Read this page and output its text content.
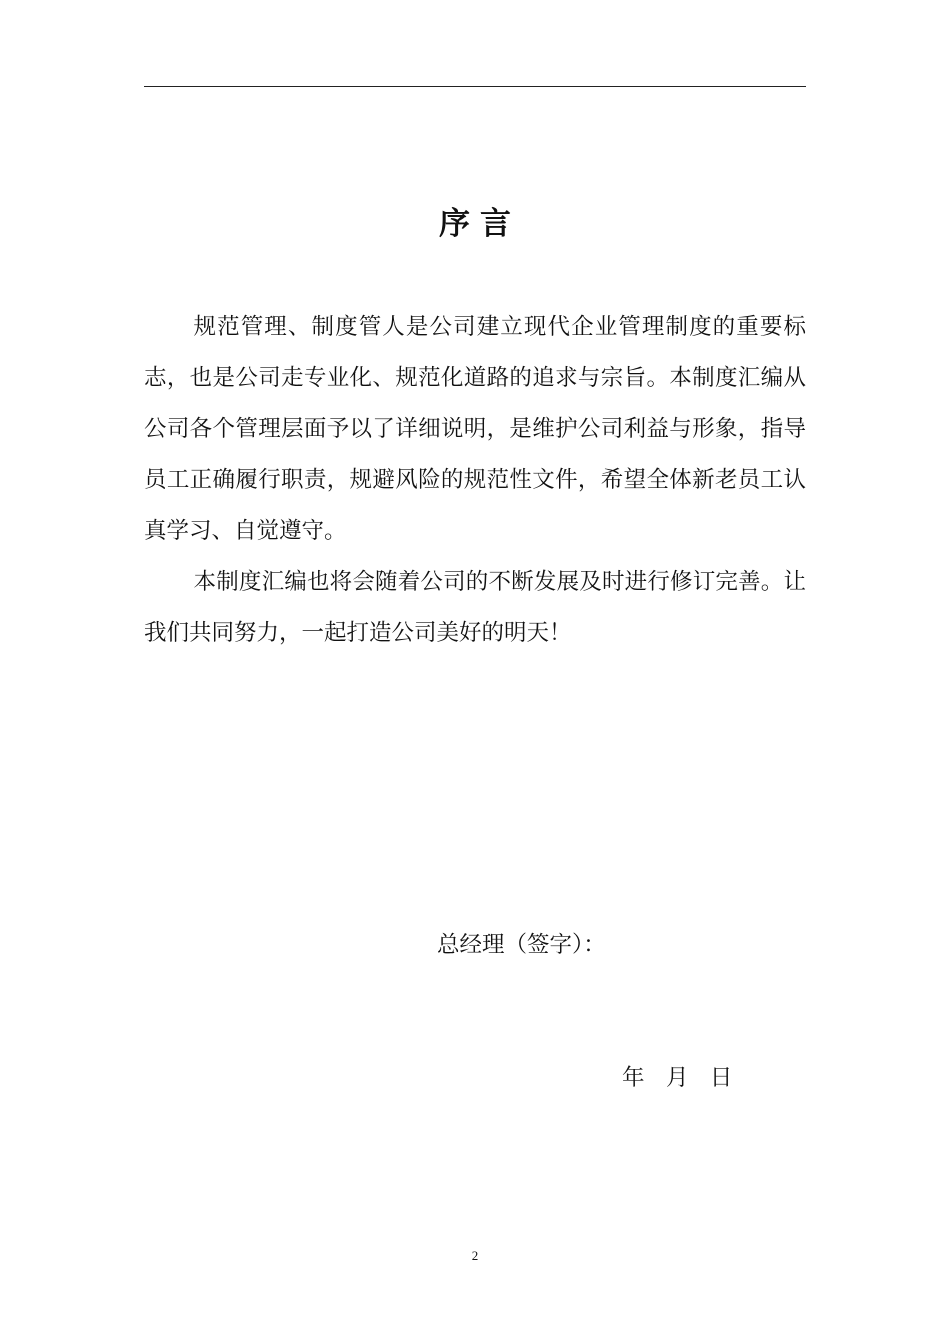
序言

规范管理、制度管人是公司建立现代企业管理制度的重要标志，也是公司走专业化、规范化道路的追求与宗旨。本制度汇编从公司各个管理层面予以了详细说明，是维护公司利益与形象，指导员工正确履行职责，规避风险的规范性文件，希望全体新老员工认真学习、自觉遵守。

本制度汇编也将会随着公司的不断发展及时进行修订完善。让我们共同努力，一起打造公司美好的明天！

总经理（签字）：
年   月   日
2
